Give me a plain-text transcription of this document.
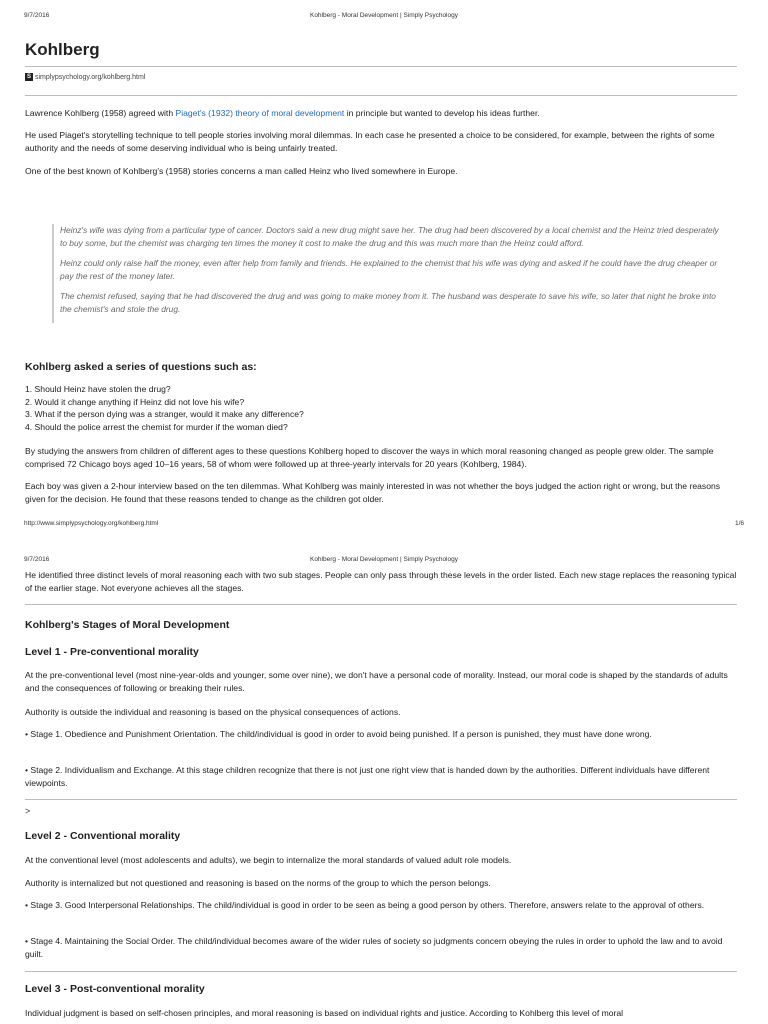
9/7/2016	Kohlberg - Moral Development | Simply Psychology
Kohlberg
S simplypsychology.org/kohlberg.html
Lawrence Kohlberg (1958) agreed with Piaget's (1932) theory of moral development in principle but wanted to develop his ideas further.
He used Piaget's storytelling technique to tell people stories involving moral dilemmas. In each case he presented a choice to be considered, for example, between the rights of some authority and the needs of some deserving individual who is being unfairly treated.
One of the best known of Kohlberg's (1958) stories concerns a man called Heinz who lived somewhere in Europe.

Heinz's wife was dying from a particular type of cancer. Doctors said a new drug might save her. The drug had been discovered by a local chemist and the Heinz tried desperately to buy some, but the chemist was charging ten times the money it cost to make the drug and this was much more than the Heinz could afford.

Heinz could only raise half the money, even after help from family and friends. He explained to the chemist that his wife was dying and asked if he could have the drug cheaper or pay the rest of the money later.

The chemist refused, saying that he had discovered the drug and was going to make money from it. The husband was desperate to save his wife, so later that night he broke into the chemist's and stole the drug.

Kohlberg asked a series of questions such as:
1. Should Heinz have stolen the drug?
2. Would it change anything if Heinz did not love his wife?
3. What if the person dying was a stranger, would it make any difference?
4. Should the police arrest the chemist for murder if the woman died?
By studying the answers from children of different ages to these questions Kohlberg hoped to discover the ways in which moral reasoning changed as people grew older. The sample comprised 72 Chicago boys aged 10–16 years, 58 of whom were followed up at three-yearly intervals for 20 years (Kohlberg, 1984).
Each boy was given a 2-hour interview based on the ten dilemmas. What Kohlberg was mainly interested in was not whether the boys judged the action right or wrong, but the reasons given for the decision. He found that these reasons tended to change as the children got older.
http://www.simplypsychology.org/kohlberg.html	1/6
9/7/2016	Kohlberg - Moral Development | Simply Psychology
He identified three distinct levels of moral reasoning each with two sub stages. People can only pass through these levels in the order listed. Each new stage replaces the reasoning typical of the earlier stage. Not everyone achieves all the stages.
Kohlberg's Stages of Moral Development
Level 1 - Pre-conventional morality
At the pre-conventional level (most nine-year-olds and younger, some over nine), we don't have a personal code of morality. Instead, our moral code is shaped by the standards of adults and the consequences of following or breaking their rules.
Authority is outside the individual and reasoning is based on the physical consequences of actions.
• Stage 1. Obedience and Punishment Orientation. The child/individual is good in order to avoid being punished. If a person is punished, they must have done wrong.
• Stage 2. Individualism and Exchange. At this stage children recognize that there is not just one right view that is handed down by the authorities. Different individuals have different viewpoints.
>
Level 2 - Conventional morality
At the conventional level (most adolescents and adults), we begin to internalize the moral standards of valued adult role models.
Authority is internalized but not questioned and reasoning is based on the norms of the group to which the person belongs.
• Stage 3. Good Interpersonal Relationships. The child/individual is good in order to be seen as being a good person by others. Therefore, answers relate to the approval of others.
• Stage 4. Maintaining the Social Order. The child/individual becomes aware of the wider rules of society so judgments concern obeying the rules in order to uphold the law and to avoid guilt.
Level 3 - Post-conventional morality
Individual judgment is based on self-chosen principles, and moral reasoning is based on individual rights and justice. According to Kohlberg this level of moral
